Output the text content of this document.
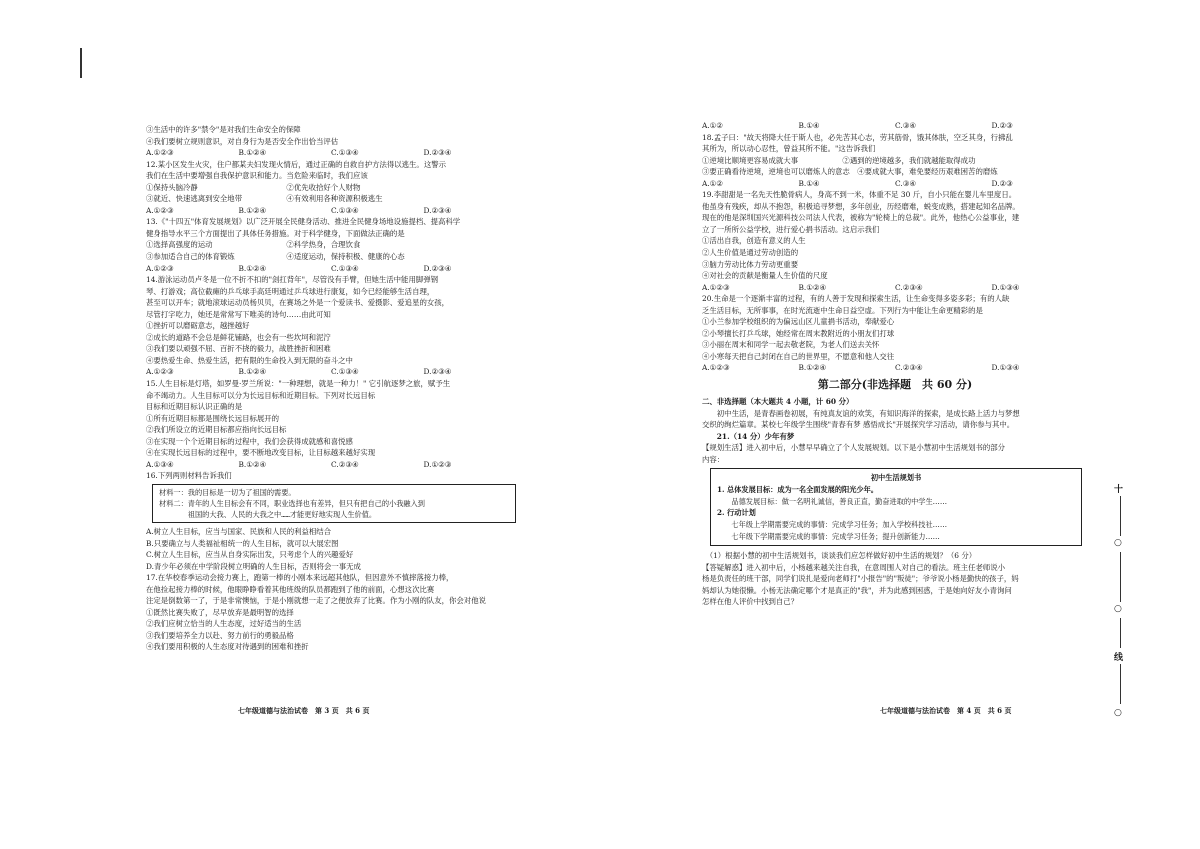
③生活中的许多"禁令"是对我们生命安全的保障
④我们要树立规则意识，对自身行为是否安全作出恰当评估
A.①②③	B.①②④	C.①③④	D.②③④
12.某小区发生火灾，住户都某夫妇发现火情后，通过正确的自救自护方法得以逃生。这警示
我们在生活中要增强自我保护意识和能力。当危险来临时，我们应该
①保持头脑冷静　　　　　　　　　　　　②优先收拾好个人财物
③就近、快速逃离到安全地带　　　　　　④有效利用各种资源积极逃生
A.①②③	B.①②④	C.①③④	D.②③④
13.《"十四五"体育发展规划》以广泛开展全民健身活动、推进全民健身场地设施提档、提高科学
健身指导水平三个方面提出了具体任务措施。对于科学健身，下面做法正确的是
①选择高强度的运动　　　　　　　　　　②科学热身，合理饮食
③参加适合自己的体育锻炼　　　　　　　④适度运动，保持积极、健康的心态
A.①②③	B.①②④	C.①③④	D.②③④
14.游泳运动员卢冬是一位不折不扣的"刽扛背年"，尽管没有手臂，但她生活中能用脚弹钢
琴、打游戏；高位截瘫的乒乓球手高廷明通过乒乓球进行康复，如今已经能够生活自理，
甚至可以开车；就地滚球运动员杨贝贝，在赛场之外是一个爱读书、爱摄影、爱追星的女孩，
尽管打字吃力，她还是常常写下唯美的诗句……由此可知
①挫折可以磨砺意志，越挫越好
②成长的道路不会总是鲜花铺路，也会有一些坎坷和泥泞
③我们要以顽强不屈、百折不挠的毅力，战胜挫折和困难
④要热爱生命、热爱生活，把有限的生命投入到无限的奋斗之中
A.①②③	B.①②④	C.①③④	D.②③④
15.人生目标是灯塔，如罗曼·罗兰所说："一种理想，就是一种力！" 它引航逐梦之旅，赋予生
命不竭动力。人生目标可以分为长远目标和近期目标。下列对长远目标
目标和近期目标认识正确的是
①所有近期目标都是围绕长远目标展开的
②我们所设立的近期目标都应指向长远目标
③在实现一个个近期目标的过程中，我们会获得成就感和喜悦感
④在实现长远目标的过程中，要不断地改变目标，让目标越来越好实现
A.①③④	B.①②④	C.②③④	D.①②③
16.下列两则材料告诉我们
材料一：我的目标是一切为了祖国的需要。
材料二：青年的人生目标会有不同，职业选择也有差异，但只有把自己的小我融入到
　　　　祖国的大我、人民的大我之中……才能更好地实现人生价值。
A.树立人生目标，应当与国家、民族和人民的利益相结合
B.只要确立与人类福祉相统一的人生目标，就可以大展宏图
C.树立人生目标，应当从自身实际出发，只考虑个人的兴趣爱好
D.青少年必须在中学阶段树立明确的人生目标，否则将会一事无成
17.在华校春季运动会接力赛上，跑第一棒的小刚本来远超其他队，但因意外不慎摔落接力棒，
在他捡起接力棒的时候，他眼睁睁看着其他班级的队员都跑到了他的前面，心想这次比赛
注定是倒数第一了，于是非常懊恼，于是小刚就想一走了之便放弃了比赛。作为小刚的队友，你会对他说
①既然比赛失败了，尽早放弃是最明智的选择
②我们应树立恰当的人生态度，过好适当的生活
③我们要培养全力以赴、努力前行的勇毅品格
④我们要用积极的人生态度对待遇到的困难和挫折
七年级道德与法治试卷　第 3 页　共 6 页
A.①②	B.①④	C.③④	D.②③
18.孟子曰："故天将降大任于斯人也，必先苦其心志，劳其筋骨，饿其体肤，空乏其身，行拂乱
其所为，所以动心忍性，曾益其所不能。"这告诉我们
①逆境比顺境更容易成就大事　　　　　　②遇到的逆境越多，我们就越能取得成功
③要正确看待逆境，逆境也可以磨炼人的意志　④要成就大事，难免要经历艰难困苦的磨炼
A.①②	B.①④	C.③④	D.②③
19.李甜甜是一名先天性脆骨病人，身高不到一米，体重不足 30 斤，自小只能在婴儿车里度日。
他虽身有残疾，却从不抱怨，积极追寻梦想，多年创业，历经磨难，蜕变成熟，搭建起知名品牌。
现在的他是深圳国兴光源科技公司法人代表，被称为"轮椅上的总裁"。此外，他热心公益事业，建
立了一所所公益学校，进行爱心捐书活动。这启示我们
①活出自我，创造有意义的人生
②人生价值是通过劳动创造的
③脑力劳动比体力劳动更重要
④对社会的贡献是衡量人生价值的尺度
A.①②③	B.①②④	C.②③④	D.①③④
20.生命是一个逐渐丰富的过程，有的人善于发现和探索生活，让生命变得多姿多彩；有的人缺
乏生活目标，无所事事，在时光流逝中生命日益空虚。下列行为中能让生命更精彩的是
①小兰参加学校组织的为偏远山区儿童捐书活动，奉献爱心
②小琴擅长打乒乓球，她经常在周末教附近的小朋友们打球
③小丽在周末和同学一起去敬老院，为老人们送去关怀
④小寒每天把自己封闭在自己的世界里，不愿意和他人交往
A.①②③	B.①②④	C.②③④	D.①③④
第二部分(非选择题　共 60 分)
二、非选择题（本大题共 4 小题，计 60 分）
　　初中生活，是青春画卷初展，有纯真友谊的欢笑，有知识海洋的探索，是成长路上活力与梦想
交织的绚烂篇章。某校七年级学生围绕"青春有梦 感悟成长"开展探究学习活动，请你参与其中。
　　21.（14 分）少年有梦
【规划生活】进入初中后，小慧早早确立了个人发展规划。以下是小慧初中生活规划书的部分
内容：
初中生活规划书
1. 总体发展目标：成为一名全面发展的阳光少年。
　　品德发展目标：做一名明礼诚信，善良正直，勤奋进取的中学生……
2. 行动计划
　　七年级上学期需要完成的事情：完成学习任务；加入学校科技社……
　　七年级下学期需要完成的事情：完成学习任务；提升创新能力……
　（1）根据小慧的初中生活规划书，谈谈我们应怎样做好初中生活的规划？（6 分）
【答疑解惑】进入初中后，小杨越来越关注自我，在意周围人对自己的看法。班主任老师说小
杨是负责任的班干部，同学们说扎是爱向老师打"小报告"的"叛徒"；爷爷说小杨是勤快的孩子，妈
妈却认为她很懒。小杨无法确定哪个才是真正的"我"，并为此感到困惑，于是她向好友小青询问
怎样在他人评价中找到自己？
七年级道德与法治试卷　第 4 页　共 6 页
十
○
○
线
○
